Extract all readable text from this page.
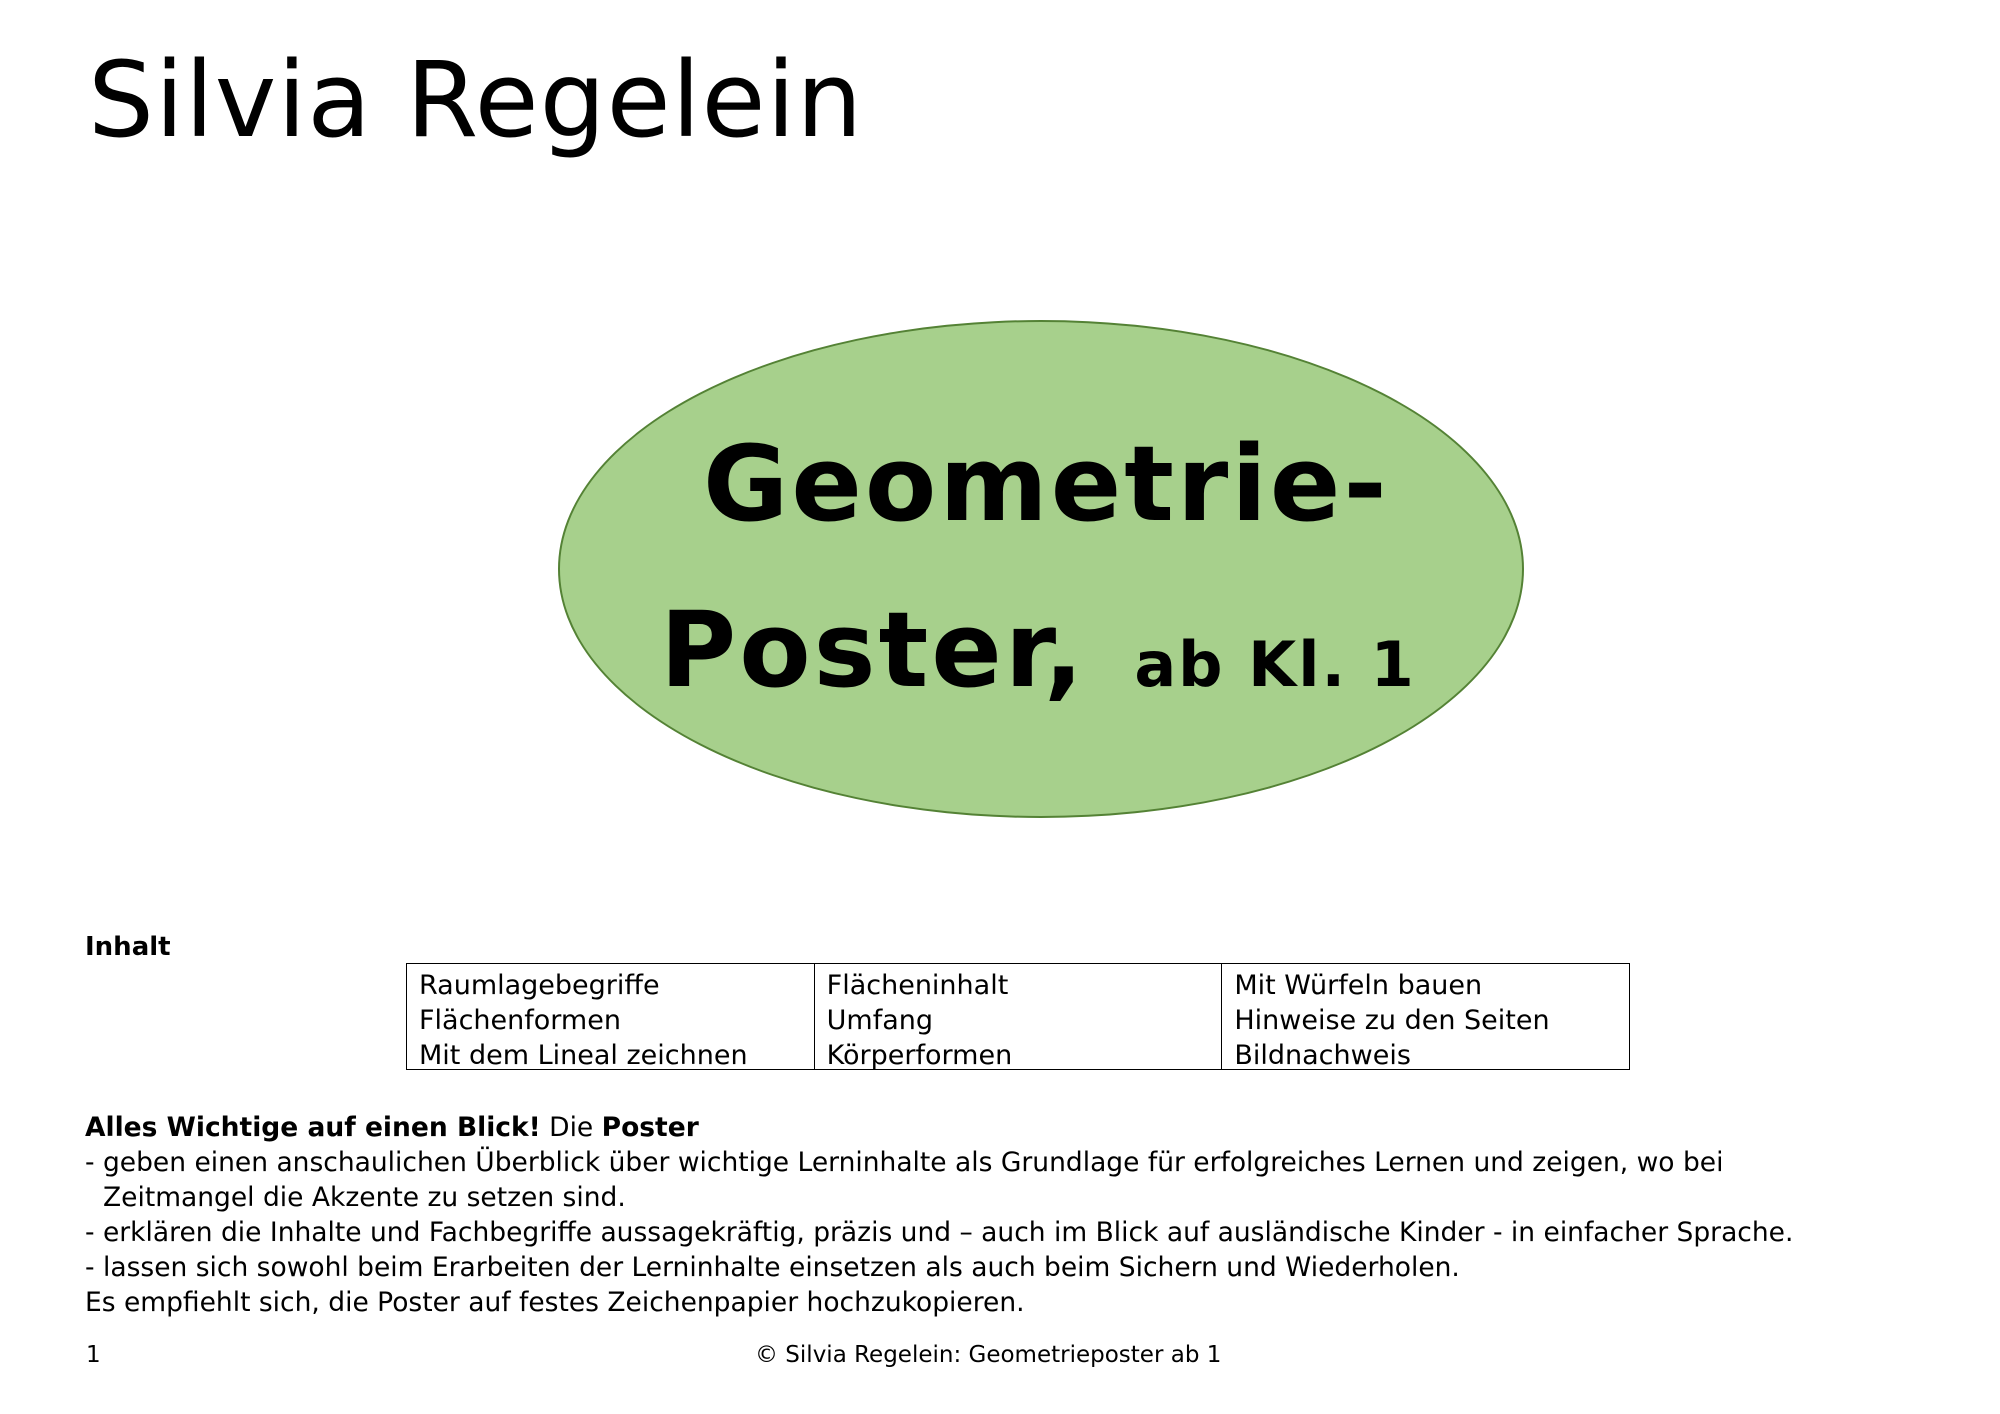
Silvia Regelein
Geometrie-
Poster, ab Kl. 1
Inhalt
Raumlagebegriffe
Flächenformen
Mit dem Lineal zeichnen
Flächeninhalt
Umfang
Körperformen
Mit Würfeln bauen
Hinweise zu den Seiten
Bildnachweis

Alles Wichtige auf einen Blick! Die Poster

- geben einen anschaulichen Überblick über wichtige Lerninhalte als Grundlage für erfolgreiches Lernen und zeigen, wo bei

Zeitmangel die Akzente zu setzen sind.

- erklären die Inhalte und Fachbegriffe aussagekräftig, präzis und – auch im Blick auf ausländische Kinder - in einfacher Sprache.

- lassen sich sowohl beim Erarbeiten der Lerninhalte einsetzen als auch beim Sichern und Wiederholen.

Es empfiehlt sich, die Poster auf festes Zeichenpapier hochzukopieren.

1	© Silvia Regelein: Geometrieposter ab 1
